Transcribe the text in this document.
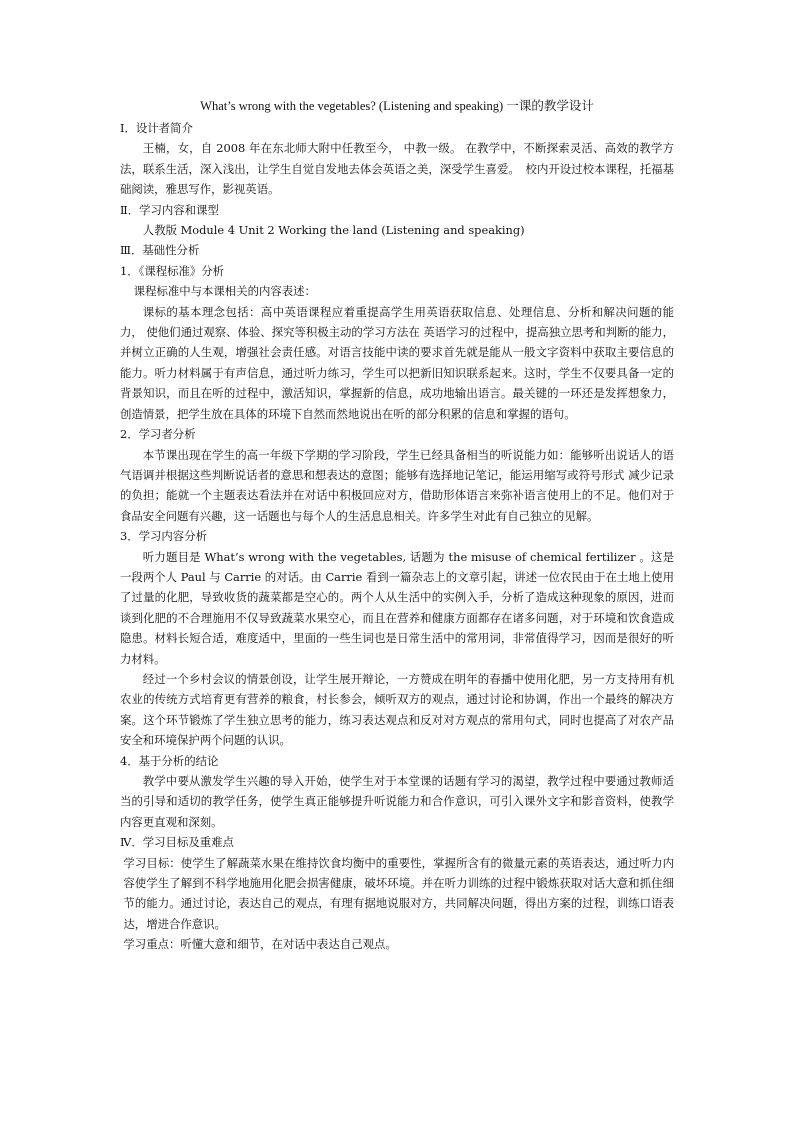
What’s wrong with the vegetables? (Listening and speaking) 一课的教学设计

Ⅰ．设计者简介

王楠，女，自 2008 年在东北师大附中任教至今， 中教一级。 在教学中，不断探索灵活、高效的教学方法，联系生活，深入浅出，让学生自觉自发地去体会英语之美，深受学生喜爱。　校内开设过校本课程，托福基础阅读，雅思写作，影视英语。

Ⅱ．学习内容和课型

人教版 Module 4 Unit 2 Working the land (Listening and speaking)

Ⅲ．基础性分析

1．《课程标准》分析

课程标准中与本课相关的内容表述：

课标的基本理念包括：高中英语课程应着重提高学生用英语获取信息、处理信息、分析和解决问题的能力， 使他们通过观察、体验、探究等积极主动的学习方法在 英语学习的过程中，提高独立思考和判断的能力，并树立正确的人生观，增强社会责任感。对语言技能中读的要求首先就是能从一般文字资料中获取主要信息的能力。听力材料属于有声信息，通过听力练习，学生可以把新旧知识联系起来。这时，学生不仅要具备一定的背景知识，而且在听的过程中，激活知识，掌握新的信息，成功地输出语言。最关键的一环还是发挥想象力，创造情景，把学生放在具体的环境下自然而然地说出在听的部分积累的信息和掌握的语句。

2．学习者分析

本节课出现在学生的高一年级下学期的学习阶段，学生已经具备相当的听说能力如：能够听出说话人的语气语调并根据这些判断说话者的意思和想表达的意图；能够有选择地记笔记，能运用缩写或符号形式 减少记录的负担；能就一个主题表达看法并在对话中积极回应对方，借助形体语言来弥补语言使用上的不足。他们对于食品安全问题有兴趣，这一话题也与每个人的生活息息相关。许多学生对此有自己独立的见解。

3．学习内容分析

听力题目是 What’s wrong with the vegetables, 话题为 the misuse of chemical fertilizer 。这是一段两个人 Paul 与 Carrie 的对话。由 Carrie 看到一篇杂志上的文章引起，讲述一位农民由于在土地上使用了过量的化肥，导致收货的蔬菜都是空心的。两个人从生活中的实例入手，分析了造成这种现象的原因，进而谈到化肥的不合理施用不仅导致蔬菜水果空心，而且在营养和健康方面都存在诸多问题，对于环境和饮食造成隐患。材料长短合适，难度适中，里面的一些生词也是日常生活中的常用词，非常值得学习，因而是很好的听力材料。

经过一个乡村会议的情景创设，让学生展开辩论，一方赞成在明年的春播中使用化肥，另一方支持用有机农业的传统方式培育更有营养的粮食，村长参会，倾听双方的观点，通过讨论和协调，作出一个最终的解决方案。这个环节锻炼了学生独立思考的能力，练习表达观点和反对对方观点的常用句式，同时也提高了对农产品安全和环境保护两个问题的认识。

4．基于分析的结论

教学中要从激发学生兴趣的导入开始，使学生对于本堂课的话题有学习的渴望，教学过程中要通过教师适当的引导和适切的教学任务，使学生真正能够提升听说能力和合作意识，可引入课外文字和影音资料，使教学内容更直观和深刻。

Ⅳ．学习目标及重难点

学习目标：使学生了解蔬菜水果在维持饮食均衡中的重要性，掌握所含有的微量元素的英语表达，通过听力内容使学生了解到不科学地施用化肥会损害健康，破坏环境。并在听力训练的过程中锻炼获取对话大意和抓住细节的能力。通过讨论，表达自己的观点，有理有据地说服对方，共同解决问题，得出方案的过程，训练口语表达，增进合作意识。

学习重点：听懂大意和细节，在对话中表达自己观点。
